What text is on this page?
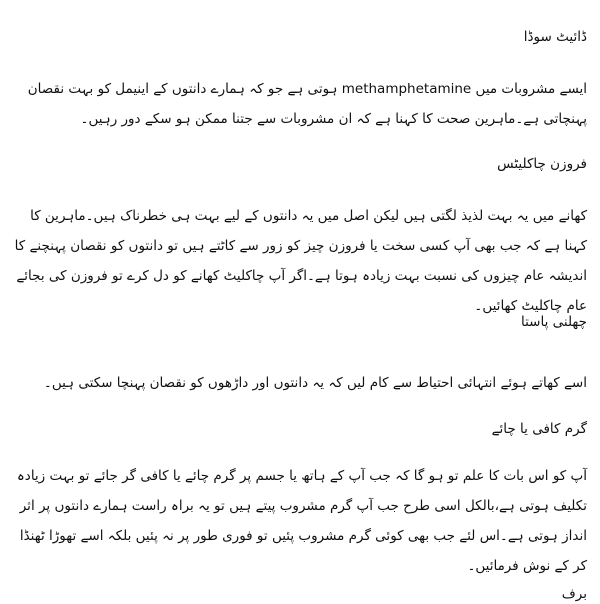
ڈائیٹ سوڈا
ایسے مشروبات میں methamphetamine ہوتی ہے جو کہ ہمارے دانتوں کے اینیمل کو بہت نقصان پہنچاتی ہے۔ماہرین صحت کا کہنا ہے کہ ان مشروبات سے جتنا ممکن ہو سکے دور رہیں۔
فروزن چاکلیٹس
کھانے میں یہ بہت لذیذ لگتی ہیں لیکن اصل میں یہ دانتوں کے لیے بہت ہی خطرناک ہیں۔ماہرین کا کہنا ہے کہ جب بھی آپ کسی سخت یا فروزن چیز کو زور سے کاٹتے ہیں تو دانتوں کو نقصان پہنچنے کا اندیشہ عام چیزوں کی نسبت بہت زیادہ ہوتا ہے۔اگر آپ چاکلیٹ کھانے کو دل کرے تو فروزن کی بجائے عام چاکلیٹ کھائیں۔
چھلنی پاستا
اسے کھاتے ہوئے انتہائی احتیاط سے کام لیں کہ یہ دانتوں اور داڑھوں کو نقصان پہنچا سکتی ہیں۔
گرم کافی یا چائے
آپ کو اس بات کا علم تو ہو گا کہ جب آپ کے ہاتھ یا جسم پر گرم چائے یا کافی گر جائے تو بہت زیادہ تکلیف ہوتی ہے،بالکل اسی طرح جب آپ گرم مشروب پیتے ہیں تو یہ براہ راست ہمارے دانتوں پر اثر انداز ہوتی ہے۔اس لئے جب بھی کوئی گرم مشروب پئیں تو فوری طور پر نہ پئیں بلکہ اسے تھوڑا ٹھنڈا کر کے نوش فرمائیں۔
برف
